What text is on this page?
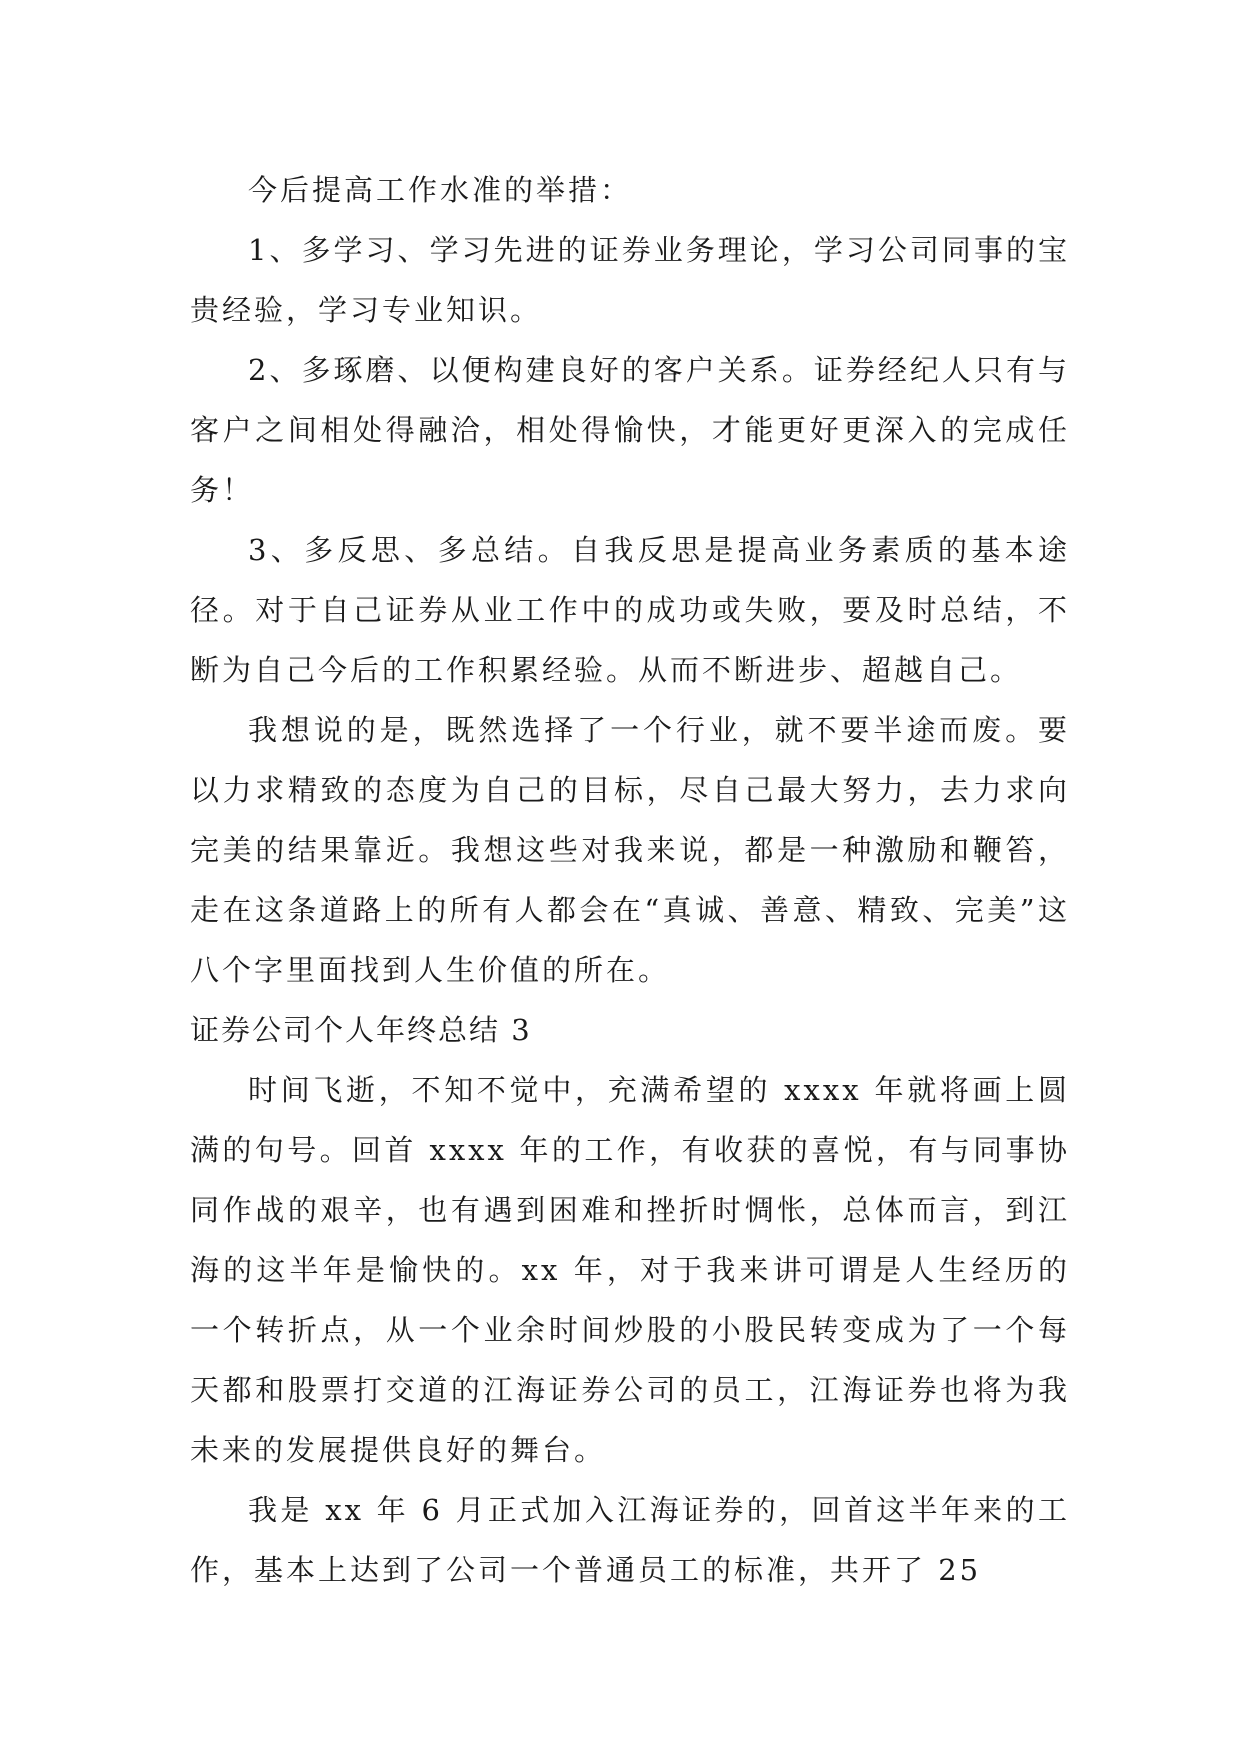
今后提高工作水准的举措：

1、多学习、学习先进的证券业务理论，学习公司同事的宝贵经验，学习专业知识。

2、多琢磨、以便构建良好的客户关系。证券经纪人只有与客户之间相处得融洽，相处得愉快，才能更好更深入的完成任务！

3、多反思、多总结。自我反思是提高业务素质的基本途径。对于自己证券从业工作中的成功或失败，要及时总结，不断为自己今后的工作积累经验。从而不断进步、超越自己。

我想说的是，既然选择了一个行业，就不要半途而废。要以力求精致的态度为自己的目标，尽自己最大努力，去力求向完美的结果靠近。我想这些对我来说，都是一种激励和鞭笞，走在这条道路上的所有人都会在“真诚、善意、精致、完美”这八个字里面找到人生价值的所在。

证券公司个人年终总结 3

时间飞逝，不知不觉中，充满希望的 xxxx 年就将画上圆满的句号。回首 xxxx 年的工作，有收获的喜悦，有与同事协同作战的艰辛，也有遇到困难和挫折时惆怅，总体而言，到江海的这半年是愉快的。xx 年，对于我来讲可谓是人生经历的一个转折点，从一个业余时间炒股的小股民转变成为了一个每天都和股票打交道的江海证券公司的员工，江海证券也将为我未来的发展提供良好的舞台。

我是 xx 年 6 月正式加入江海证券的，回首这半年来的工作，基本上达到了公司一个普通员工的标准，共开了 25
